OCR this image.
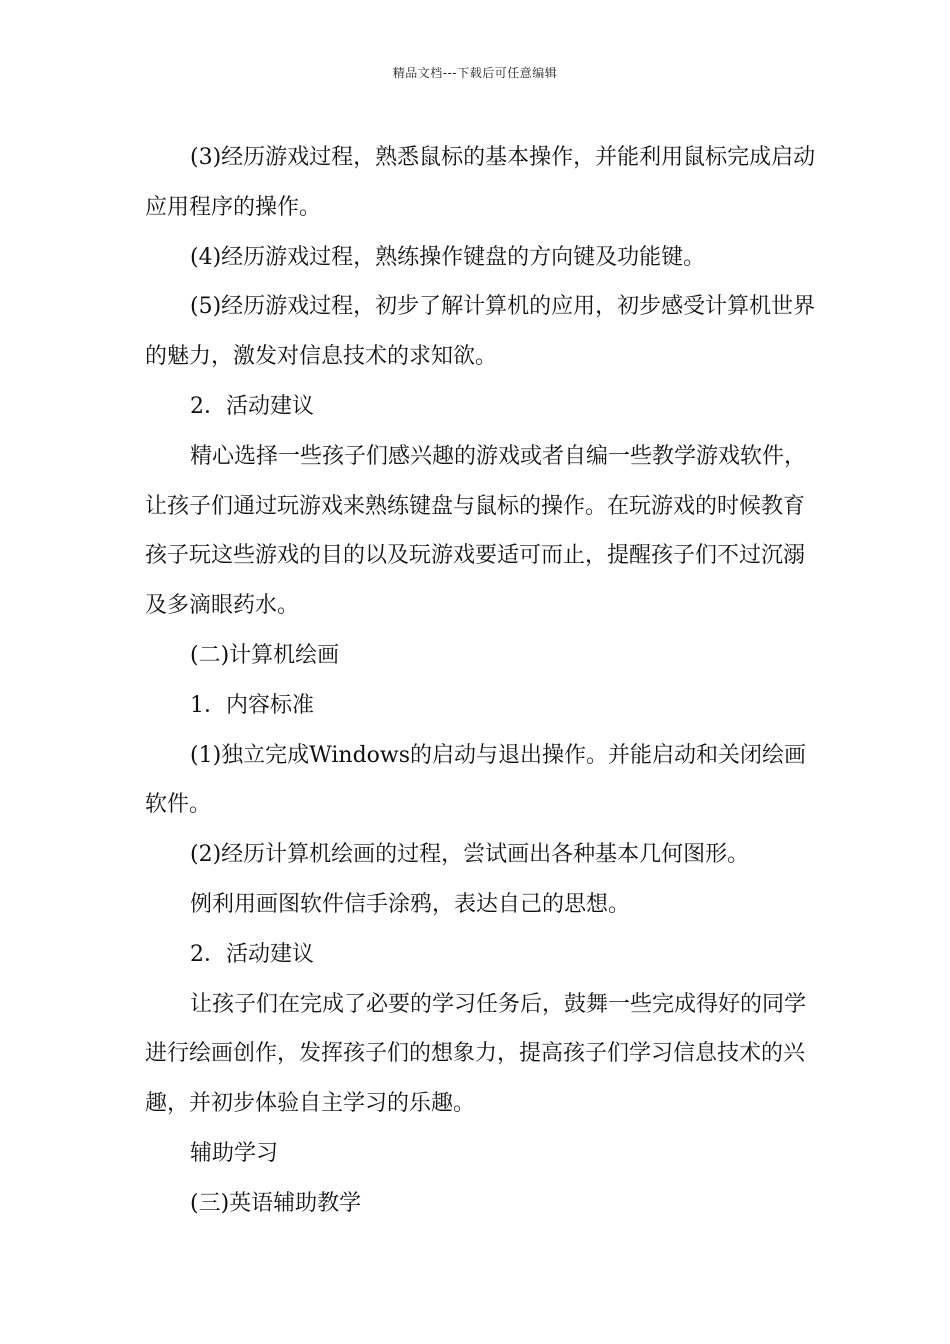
精品文档---下载后可任意编辑

(3)经历游戏过程，熟悉鼠标的基本操作，并能利用鼠标完成启动应用程序的操作。

(4)经历游戏过程，熟练操作键盘的方向键及功能键。

(5)经历游戏过程，初步了解计算机的应用，初步感受计算机世界的魅力，激发对信息技术的求知欲。

2．活动建议

精心选择一些孩子们感兴趣的游戏或者自编一些教学游戏软件，让孩子们通过玩游戏来熟练键盘与鼠标的操作。在玩游戏的时候教育孩子玩这些游戏的目的以及玩游戏要适可而止，提醒孩子们不过沉溺及多滴眼药水。

(二)计算机绘画

1．内容标准

(1)独立完成Windows的启动与退出操作。并能启动和关闭绘画软件。

(2)经历计算机绘画的过程，尝试画出各种基本几何图形。

例利用画图软件信手涂鸦，表达自己的思想。

2．活动建议

让孩子们在完成了必要的学习任务后，鼓舞一些完成得好的同学进行绘画创作，发挥孩子们的想象力，提高孩子们学习信息技术的兴趣，并初步体验自主学习的乐趣。

辅助学习

(三)英语辅助教学
